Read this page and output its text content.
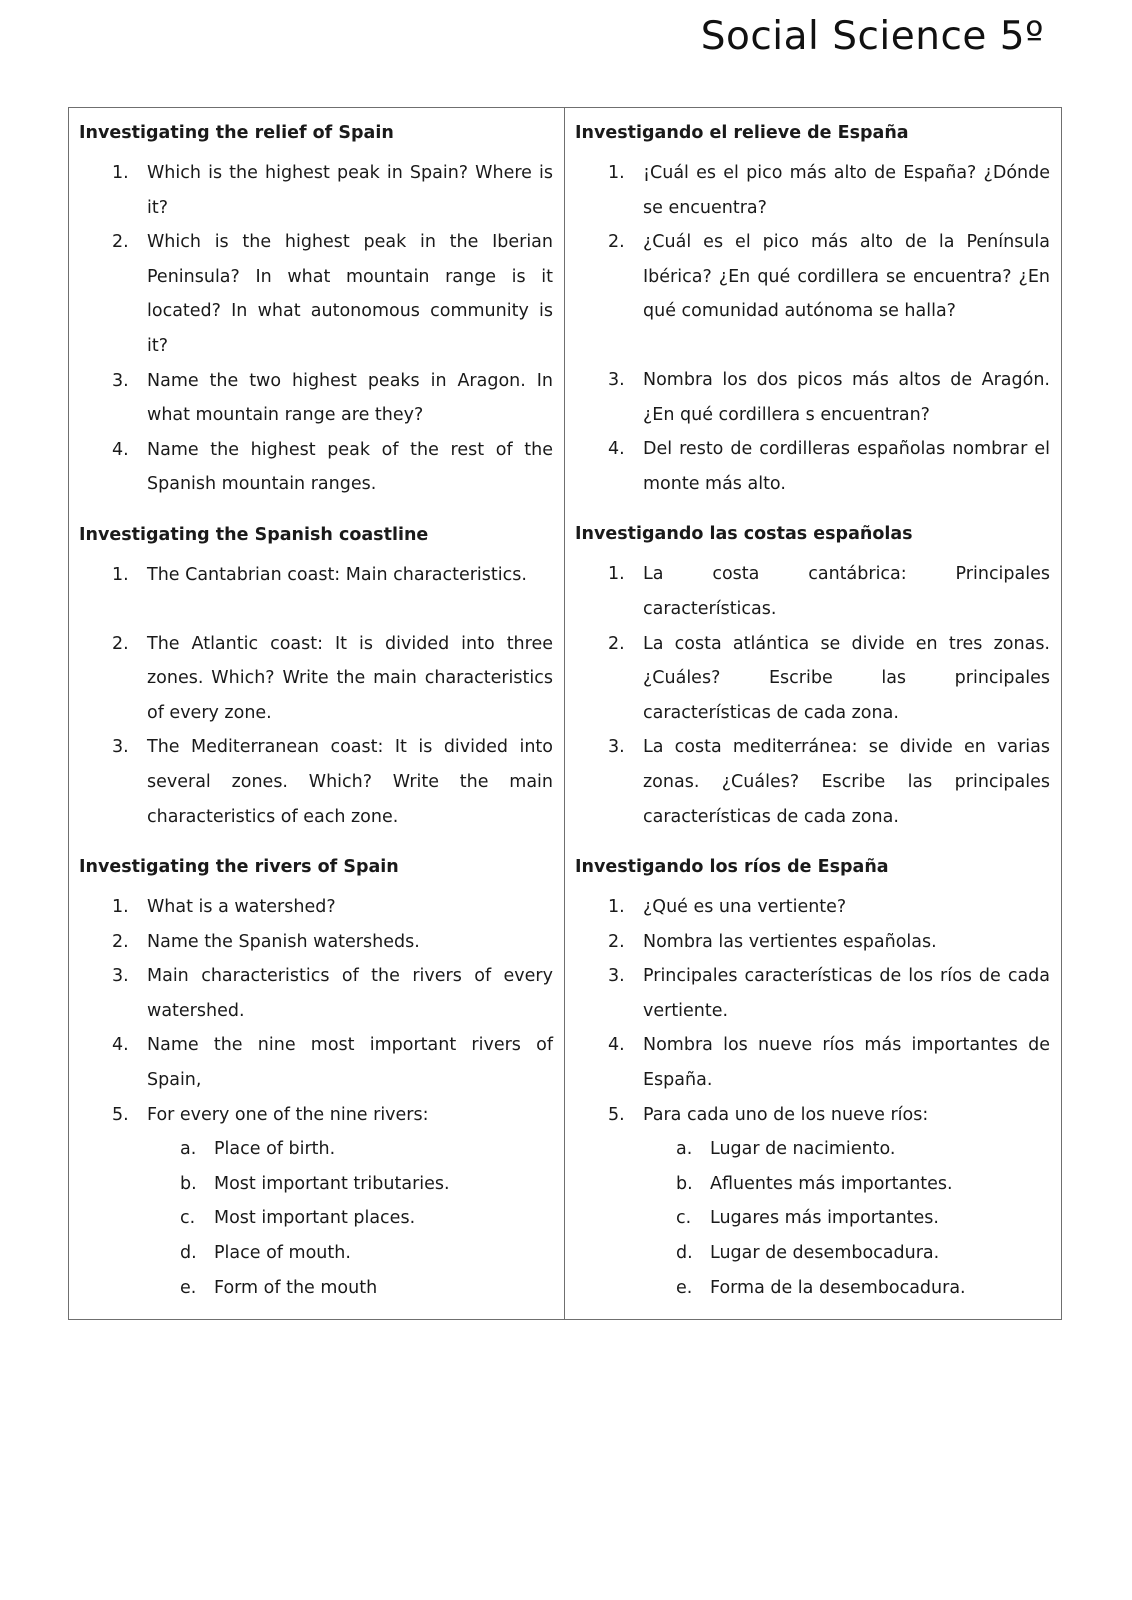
Social Science 5º
Investigating the relief of Spain
1. Which is the highest peak in Spain? Where is it?
2. Which is the highest peak in the Iberian Peninsula? In what mountain range is it located? In what autonomous community is it?
3. Name the two highest peaks in Aragon. In what mountain range are they?
4. Name the highest peak of the rest of the Spanish mountain ranges.
Investigating the Spanish coastline
1. The Cantabrian coast: Main characteristics.
2. The Atlantic coast: It is divided into three zones. Which? Write the main characteristics of every zone.
3. The Mediterranean coast: It is divided into several zones. Which? Write the main characteristics of each zone.
Investigating the rivers of Spain
1. What is a watershed?
2. Name the Spanish watersheds.
3. Main characteristics of the rivers of every watershed.
4. Name the nine most important rivers of Spain,
5. For every one of the nine rivers:
a. Place of birth.
b. Most important tributaries.
c. Most important places.
d. Place of mouth.
e. Form of the mouth
Investigando el relieve de España
1. ¡Cuál es el pico más alto de España? ¿Dónde se encuentra?
2. ¿Cuál es el pico más alto de la Península Ibérica? ¿En qué cordillera se encuentra? ¿En qué comunidad autónoma se halla?
3. Nombra los dos picos más altos de Aragón. ¿En qué cordillera s encuentran?
4. Del resto de cordilleras españolas nombrar el monte más alto.
Investigando las costas españolas
1. La costa cantábrica: Principales características.
2. La costa atlántica se divide en tres zonas. ¿Cuáles? Escribe las principales características de cada zona.
3. La costa mediterránea: se divide en varias zonas. ¿Cuáles? Escribe las principales características de cada zona.
Investigando los ríos de España
1. ¿Qué es una vertiente?
2. Nombra las vertientes españolas.
3. Principales características de los ríos de cada vertiente.
4. Nombra los nueve ríos más importantes de España.
5. Para cada uno de los nueve ríos:
a. Lugar de nacimiento.
b. Afluentes más importantes.
c. Lugares más importantes.
d. Lugar de desembocadura.
e. Forma de la desembocadura.
